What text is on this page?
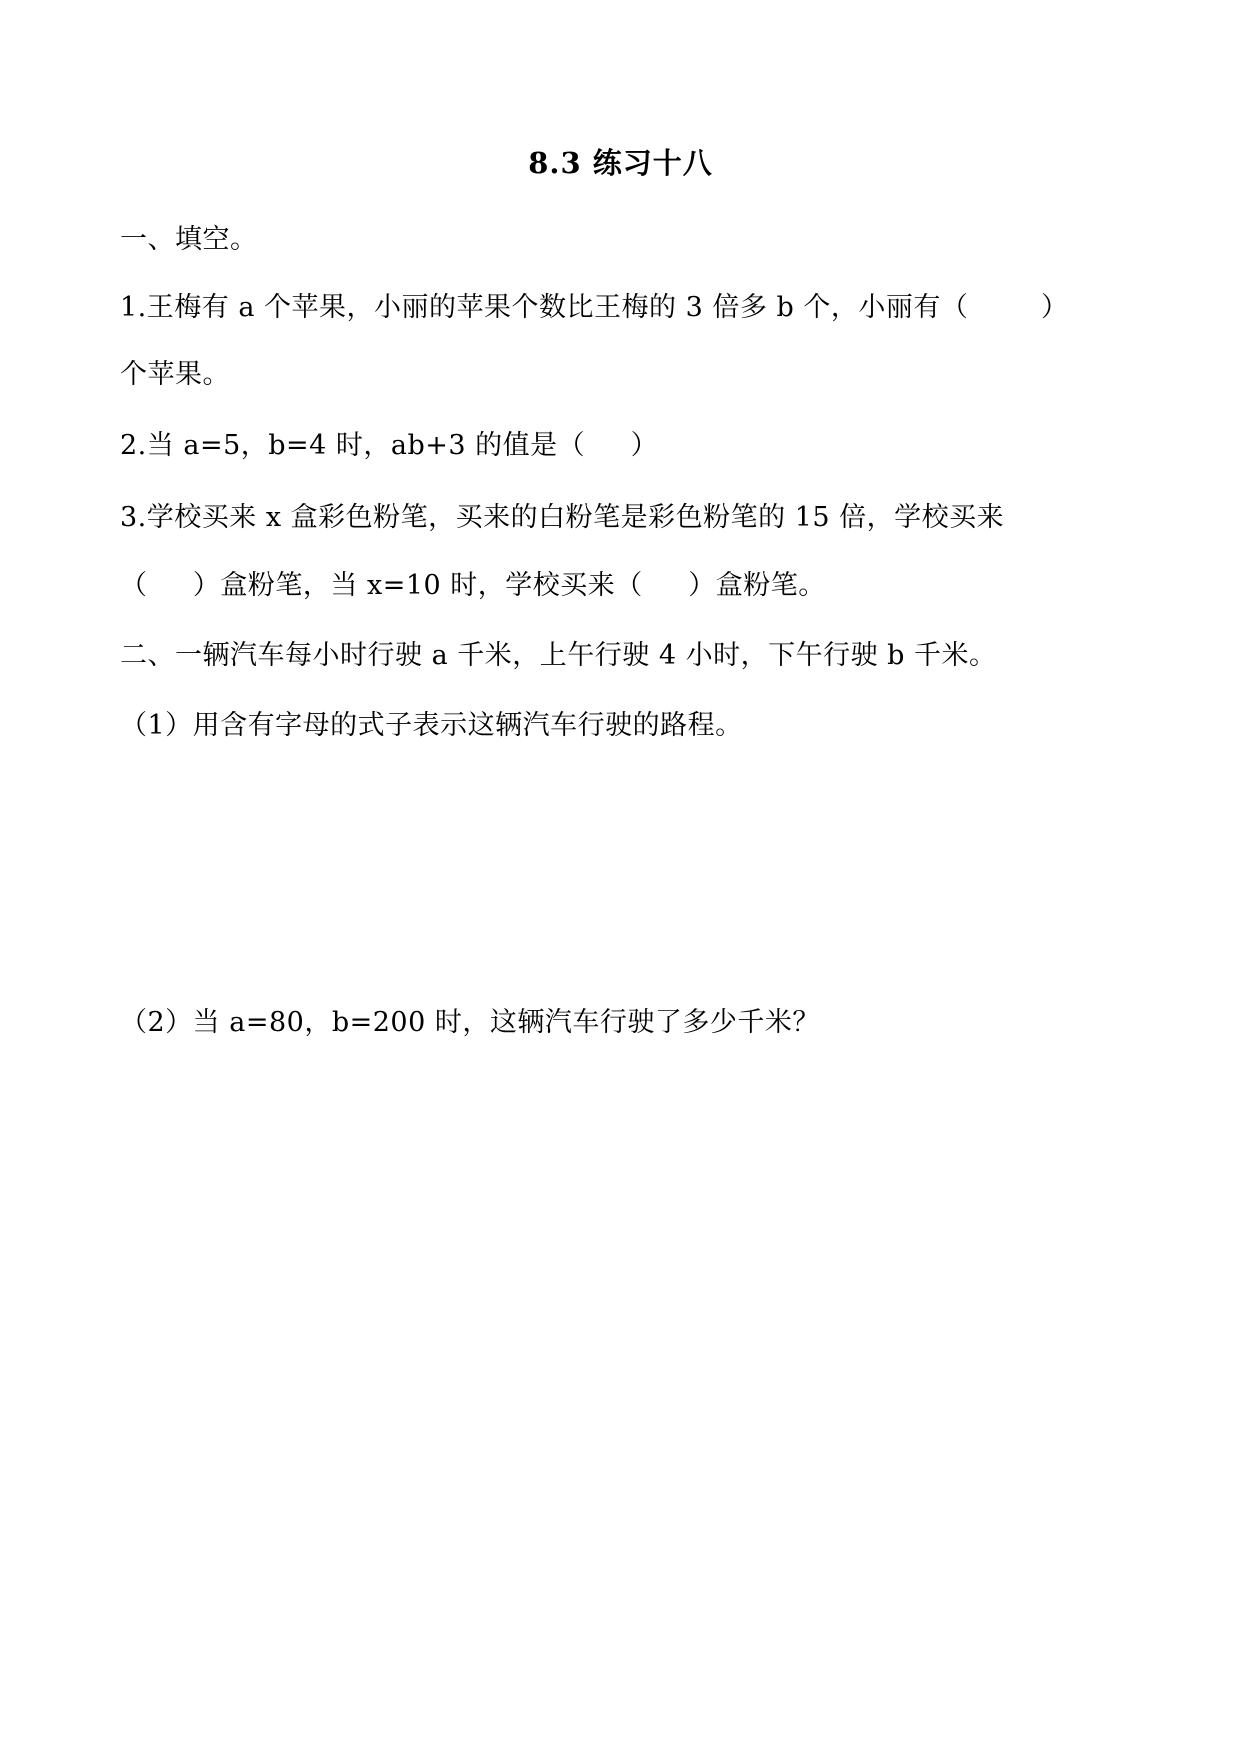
8.3 练习十八
一、填空。
1.王梅有 a 个苹果，小丽的苹果个数比王梅的 3 倍多 b 个，小丽有（        ）
个苹果。
2.当 a=5，b=4 时，ab+3 的值是（     ）
3.学校买来 x 盒彩色粉笔，买来的白粉笔是彩色粉笔的 15 倍，学校买来
（     ）盒粉笔，当 x=10 时，学校买来（     ）盒粉笔。
二、一辆汽车每小时行驶 a 千米，上午行驶 4 小时，下午行驶 b 千米。
（1）用含有字母的式子表示这辆汽车行驶的路程。
（2）当 a=80，b=200 时，这辆汽车行驶了多少千米？
